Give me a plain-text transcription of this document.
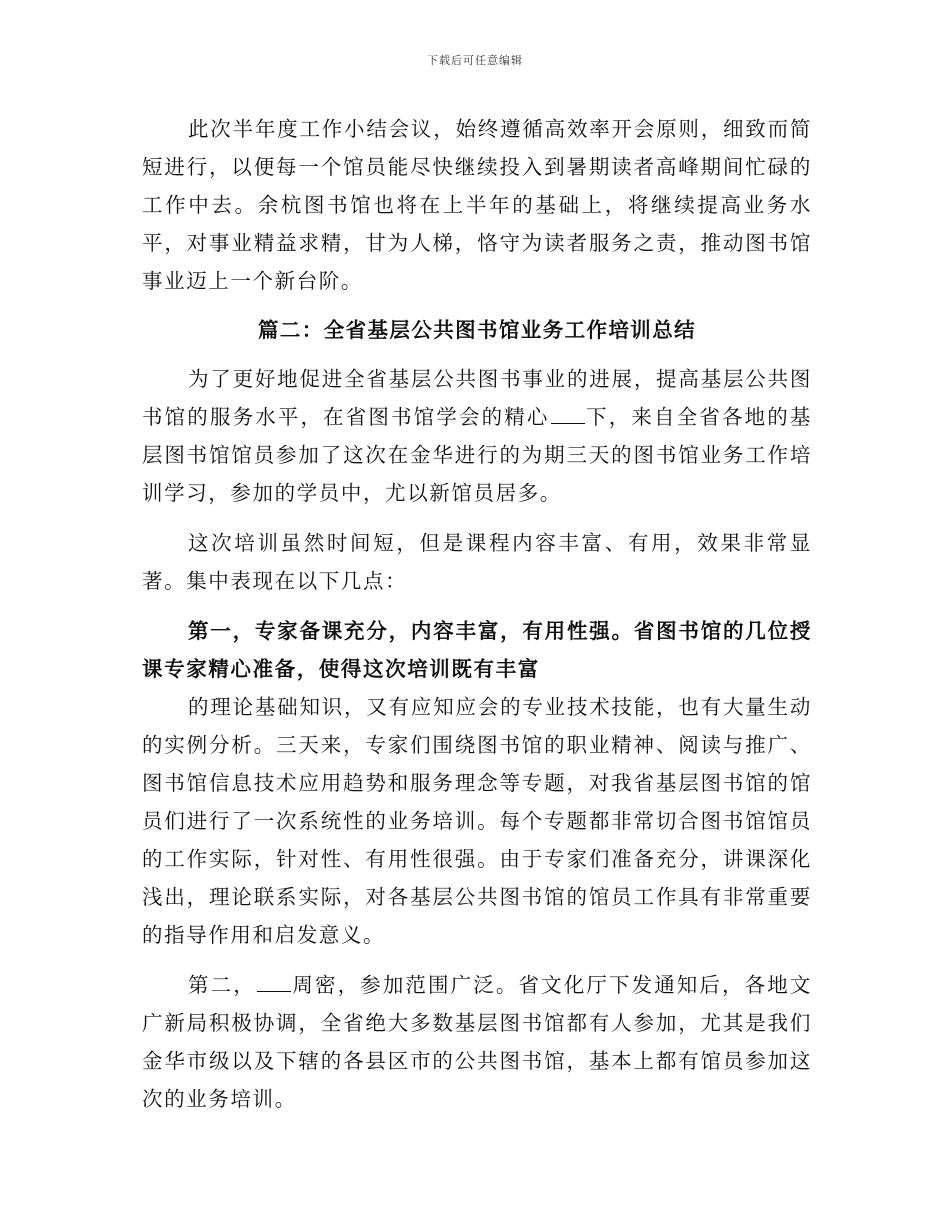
下载后可任意编辑

此次半年度工作小结会议，始终遵循高效率开会原则，细致而简短进行，以便每一个馆员能尽快继续投入到暑期读者高峰期间忙碌的工作中去。余杭图书馆也将在上半年的基础上，将继续提高业务水平，对事业精益求精，甘为人梯，恪守为读者服务之责，推动图书馆事业迈上一个新台阶。

篇二：全省基层公共图书馆业务工作培训总结

为了更好地促进全省基层公共图书事业的进展，提高基层公共图书馆的服务水平，在省图书馆学会的精心 下，来自全省各地的基层图书馆馆员参加了这次在金华进行的为期三天的图书馆业务工作培训学习，参加的学员中，尤以新馆员居多。

这次培训虽然时间短，但是课程内容丰富、有用，效果非常显著。集中表现在以下几点：

第一，专家备课充分，内容丰富，有用性强。省图书馆的几位授课专家精心准备，使得这次培训既有丰富

的理论基础知识，又有应知应会的专业技术技能，也有大量生动的实例分析。三天来，专家们围绕图书馆的职业精神、阅读与推广、图书馆信息技术应用趋势和服务理念等专题，对我省基层图书馆的馆员们进行了一次系统性的业务培训。每个专题都非常切合图书馆馆员的工作实际，针对性、有用性很强。由于专家们准备充分，讲课深化浅出，理论联系实际，对各基层公共图书馆的馆员工作具有非常重要的指导作用和启发意义。

第二， 周密，参加范围广泛。省文化厅下发通知后，各地文广新局积极协调，全省绝大多数基层图书馆都有人参加，尤其是我们金华市级以及下辖的各县区市的公共图书馆，基本上都有馆员参加这次的业务培训。
